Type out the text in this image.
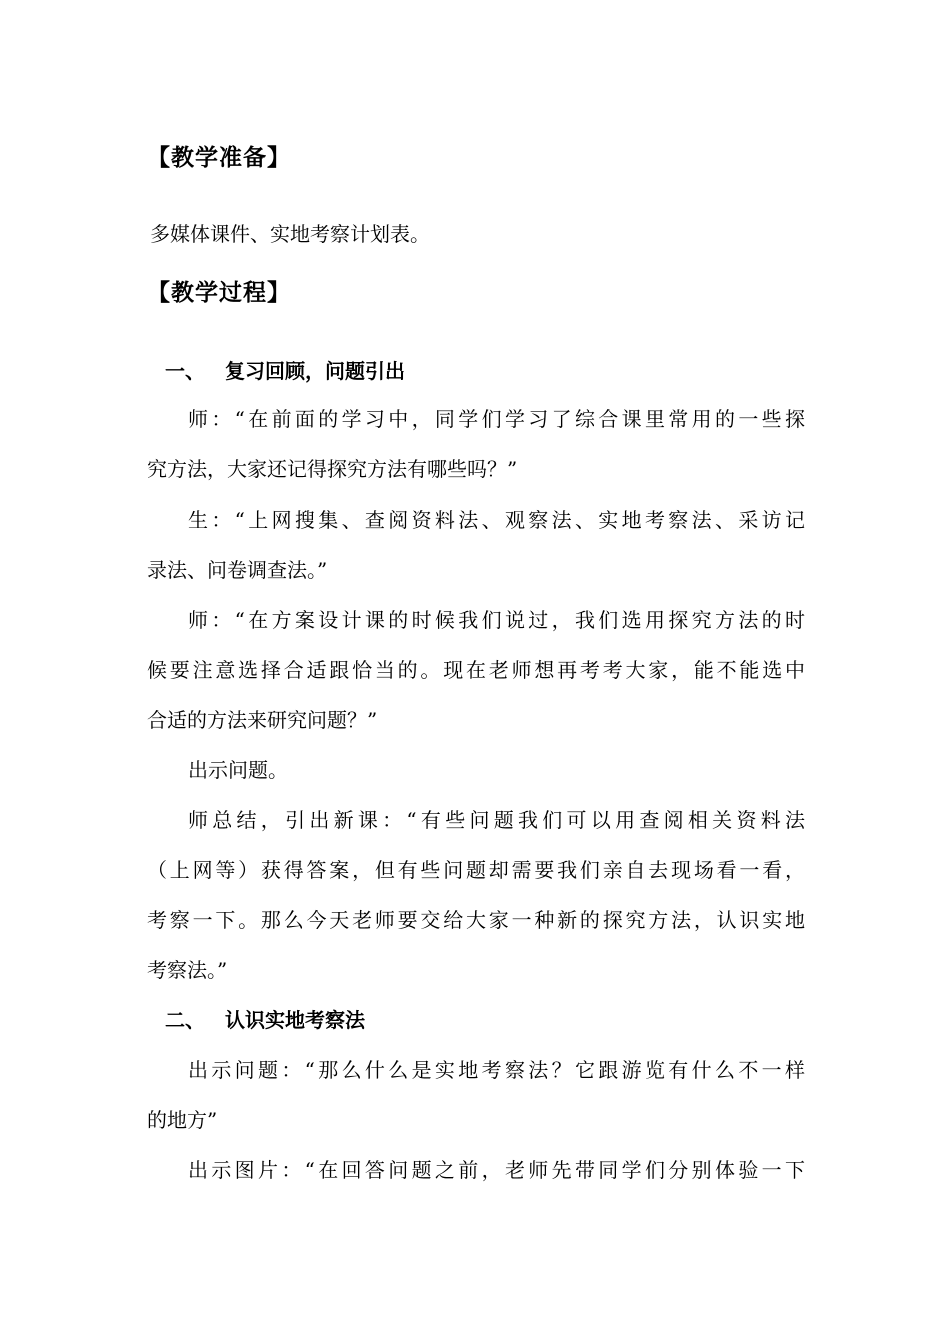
【教学准备】
多媒体课件、实地考察计划表。
【教学过程】
一、 复习回顾，问题引出
师：“在前面的学习中，同学们学习了综合课里常用的一些探
究方法，大家还记得探究方法有哪些吗？”
生：“上网搜集、查阅资料法、观察法、实地考察法、采访记
录法、问卷调查法。”
师：“在方案设计课的时候我们说过，我们选用探究方法的时
候要注意选择合适跟恰当的。现在老师想再考考大家，能不能选中
合适的方法来研究问题？”
出示问题。
师总结，引出新课：“有些问题我们可以用查阅相关资料法
（上网等）获得答案，但有些问题却需要我们亲自去现场看一看，
考察一下。那么今天老师要交给大家一种新的探究方法，认识实地
考察法。”
二、 认识实地考察法
出示问题：“那么什么是实地考察法？它跟游览有什么不一样
的地方”
出示图片：“在回答问题之前，老师先带同学们分别体验一下
